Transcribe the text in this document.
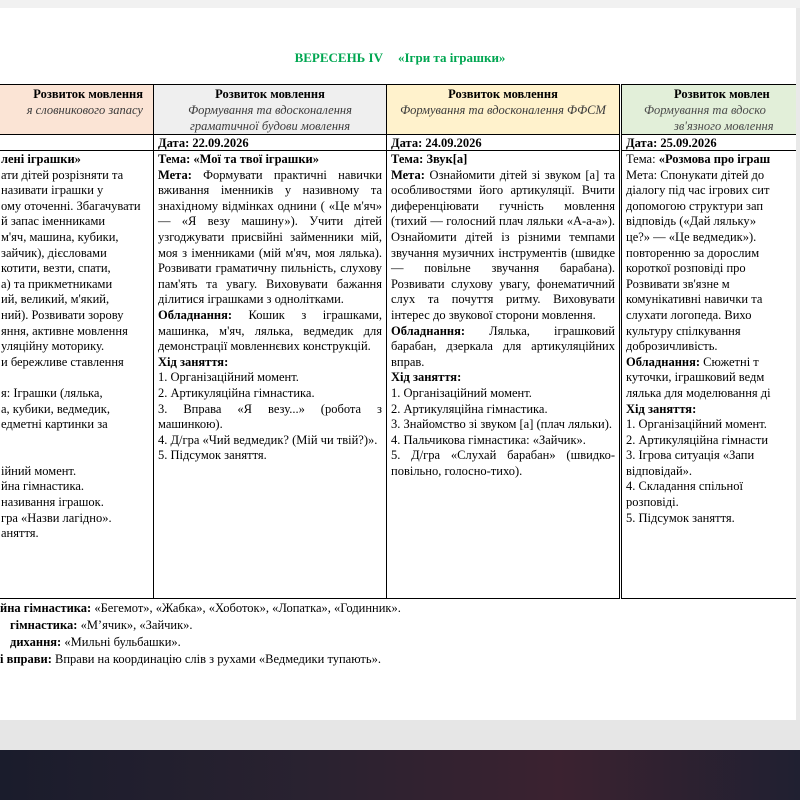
ВЕРЕСЕНЬ IV «Ігри та іграшки»
Розвиток мовлення
я словникового запасу

лені іграшки»

ати дітей розрізняти та

називати іграшки у

ому оточенні. Збагачувати

й запас іменниками

м'яч, машина, кубики,

зайчик), дієсловами

котити, везти, спати,

а) та прикметниками

ий, великий, м'який,

ний). Розвивати зорову

яння, активне мовлення

уляційну моторику.

и бережливе ставлення

я: Іграшки (лялька,

а, кубики, ведмедик,

едметні картинки за

ійний момент.

йна гімнастика.

називання іграшок.

гра «Назви лагідно».

аняття.

Розвиток мовлення
Формування та вдосконалення граматичної будови мовлення
Дата: 22.09.2026

Тема: «Мої та твої іграшки»

Мета: Формувати практичні навички вживання іменників у називному та знахідному відмінках однини ( «Це м'яч» — «Я везу машину»). Учити дітей узгоджувати присвійні займенники мій, моя з іменниками (мій м'яч, моя лялька). Розвивати граматичну пильність, слухову пам'ять та увагу. Виховувати бажання ділитися іграшками з однолітками.

Обладнання: Кошик з іграшками, машинка, м'яч, лялька, ведмедик для демонстрації мовленнєвих конструкцій.

Хід заняття:

1. Організаційний момент.

2. Артикуляційна гімнастика.

3. Вправа «Я везу...» (робота з машинкою).

4. Д/гра «Чий ведмедик? (Мій чи твій?)».

5. Підсумок заняття.

Розвиток мовлення
Формування та вдосконалення ФФСМ
Дата: 24.09.2026

Тема: Звук[а]

Мета: Ознайомити дітей зі звуком [а] та особливостями його артикуляції. Вчити диференціювати гучність мовлення (тихий — голосний плач ляльки «А-а-а»). Ознайомити дітей із різними темпами звучання музичних інструментів (швидке — повільне звучання барабана). Розвивати слухову увагу, фонематичний слух та почуття ритму. Виховувати інтерес до звукової сторони мовлення.

Обладнання: Лялька, іграшковий барабан, дзеркала для артикуляційних вправ.

Хід заняття:

1. Організаційний момент.

2. Артикуляційна гімнастика.

3. Знайомство зі звуком [а] (плач ляльки).

4. Пальчикова гімнастика: «Зайчик».

5. Д/гра «Слухай барабан» (швидко-повільно, голосно-тихо).

Розвиток мовлен
Формування та вдоско
зв'язного мовлення
Дата: 25.09.2026

Тема: «Розмова про іграш

Мета: Спонукати дітей до

діалогу під час ігрових сит

допомогою структури зап

відповідь («Дай ляльку»

це?» — «Це ведмедик»).

повторенню за дорослим

короткої розповіді про

Розвивати зв'язне м

комунікативні навички та

слухати логопеда. Вихо

культуру спілкування

доброзичливість.

Обладнання: Сюжетні т

куточки, іграшковий ведм

лялька для моделювання ді

Хід заняття:

1. Організаційний момент.

2. Артикуляційна гімнасти

3. Ігрова ситуація «Запи

відповідай».

4. Складання спільної

розповіді.

5. Підсумок заняття.

йна гімнастика: «Бегемот», «Жабка», «Хоботок», «Лопатка», «Годинник».
гімнастика: «М’ячик», «Зайчик».
дихання: «Мильні бульбашки».
і вправи: Вправи на координацію слів з рухами «Ведмедики тупають».
